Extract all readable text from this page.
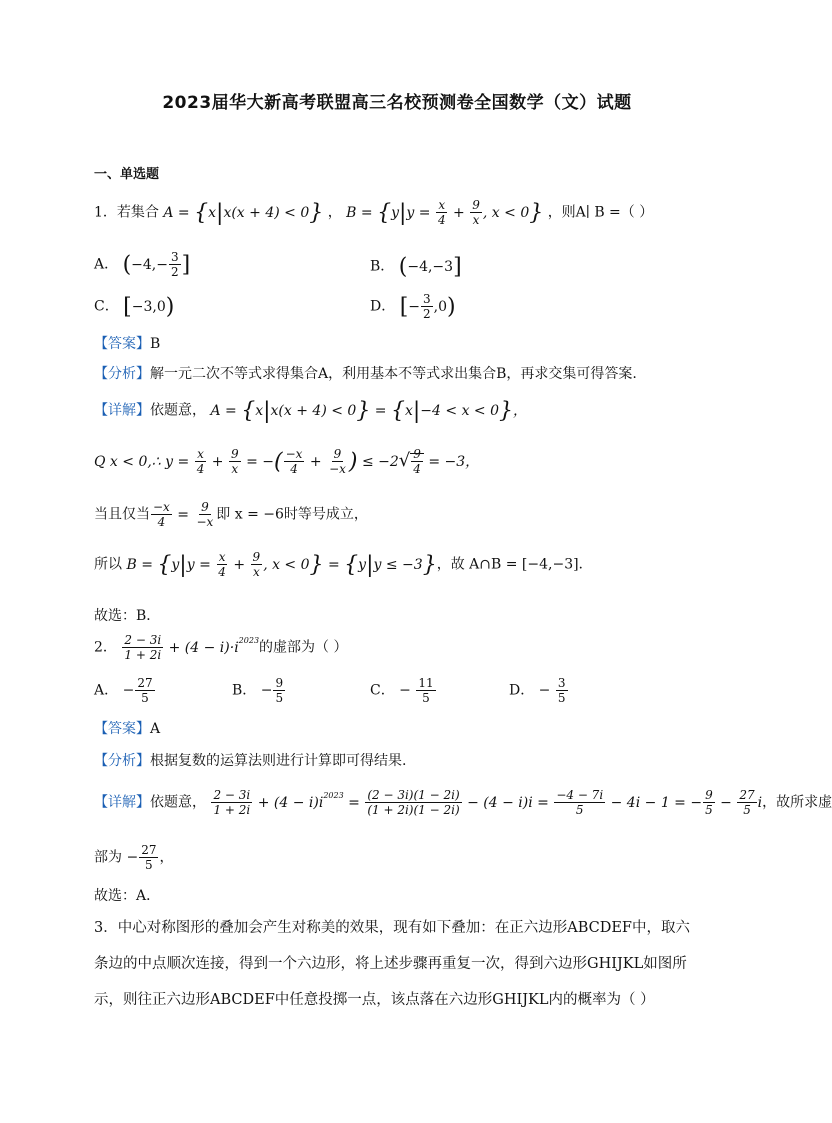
2023届华大新高考联盟高三名校预测卷全国数学（文）试题
一、单选题
1．若集合 A = {x|x(x + 4) < 0} ， $B = \{y|y = \frac{x}{4} + \frac{9}{x}$ , x < 0} ，则A∣ B =（ ）
A． ($-4,- \frac{3}{2}$ ]	B． (−4,−3]
C． [−3,0)	D． [− $\frac{3}{2} ,0$)
【答案】B
【分析】解一元二次不等式求得集合A，利用基本不等式求出集合B，再求交集可得答案.
【详解】依题意， A = {x|x(x + 4) < 0} = {x|−4 < x < 0}，
Q x < 0,∴ $y = \frac{x}{4} + \frac{9}{x}$ = −( $\frac{-x}{4} + \frac{9}{-x}$ ) ≤ $-2√ \frac{9}{4} = -3$，
当且仅当 $\frac{-x}{4} = \frac{9}{-x}$ 即 x = −6时等号成立，
所以 $B = \{y|y = \frac{x}{4} + \frac{9}{x}$ , x < 0} = {y|y ≤ −3}，故 A∩B = [−4,−3].
故选：B．
2． $\frac{2 - 3i}{1 + 2i} + (4 - i)\cdot i^{2023}$的虚部为（ ）
A． − $\frac{27}{5}$	B． − $\frac{9}{5}$	C． − $\frac{11}{5}$	D． − $\frac{3}{5}$
【答案】A
【分析】根据复数的运算法则进行计算即可得结果.
【详解】依题意， $\frac{2 - 3i}{1 + 2i} + (4 - i)i^{2023} = \frac{(2 - 3i)(1 - 2i)}{(1 + 2i)(1 - 2i)} - (4 - i)i = \frac{-4 - 7i}{5} - 4i - 1$ = − $\frac{9}{5} - \frac{27}{5}$ i，故所求虚
部为 − $\frac{27}{5}$ ，
故选：A．
3．中心对称图形的叠加会产生对称美的效果，现有如下叠加：在正六边形ABCDEF中，取六条边的中点顺次连接，得到一个六边形，将上述步骤再重复一次，得到六边形GHIJKL如图所示，则往正六边形ABCDEF中任意投掷一点，该点落在六边形GHIJKL内的概率为（ ）
